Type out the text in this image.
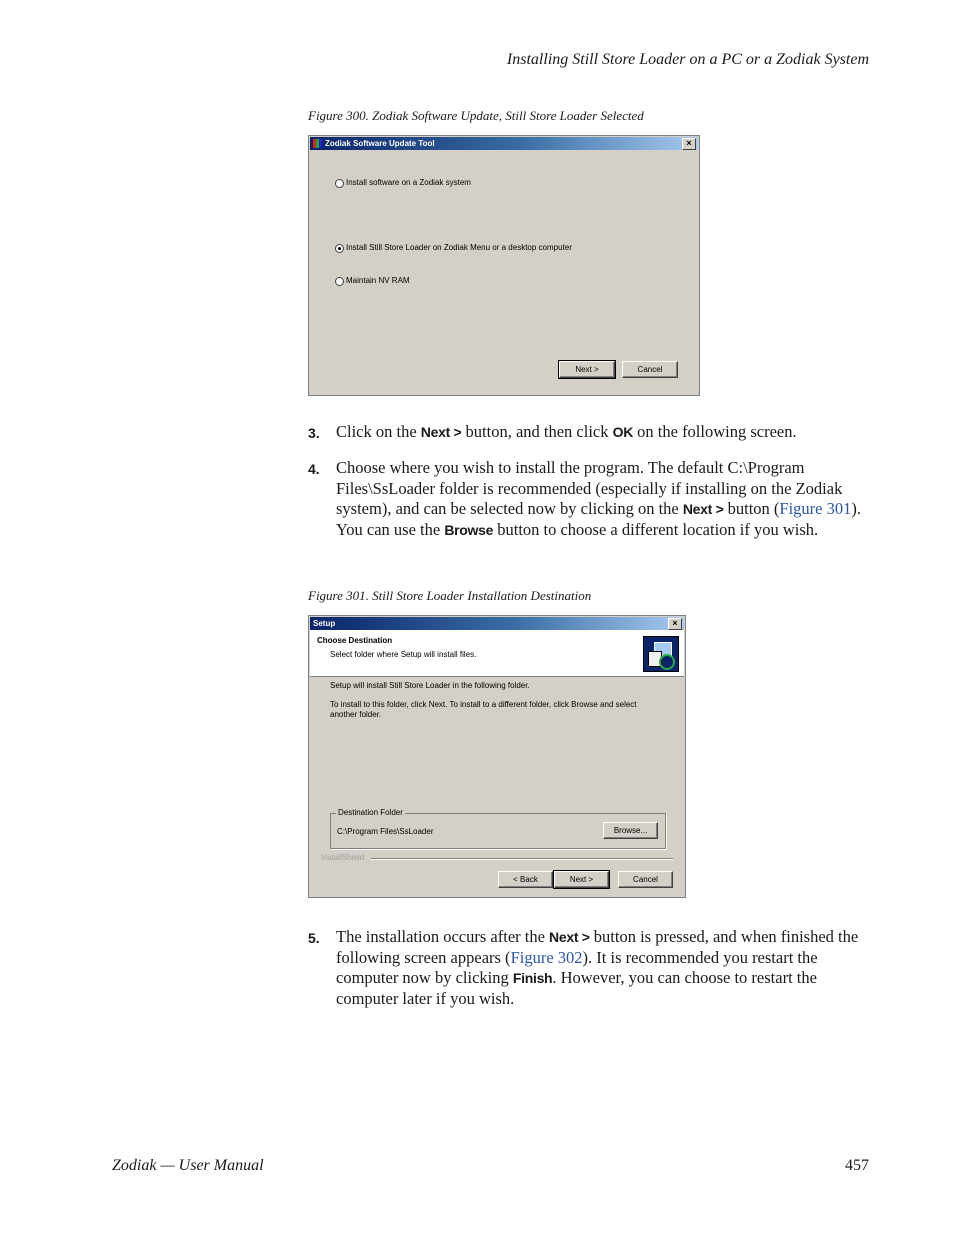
Installing Still Store Loader on a PC or a Zodiak System
Figure 300. Zodiak Software Update, Still Store Loader Selected
Zodiak Software Update Tool	×
Install software on a Zodiak system
Install Still Store Loader on Zodiak Menu or a desktop computer
Maintain NV RAM
Next >	Cancel
3. Click on the Next > button, and then click OK on the following screen.
4. Choose where you wish to install the program. The default C:\Program Files\SsLoader folder is recommended (especially if installing on the Zodiak system), and can be selected now by clicking on the Next > button (Figure 301). You can use the Browse button to choose a different location if you wish.
Figure 301. Still Store Loader Installation Destination
Setup	×
Choose Destination
Select folder where Setup will install files.
Setup will install Still Store Loader in the following folder.
To install to this folder, click Next. To install to a different folder, click Browse and select another folder.
Destination Folder
C:\Program Files\SsLoader	Browse...
InstallShield
< Back	Next >	Cancel
5. The installation occurs after the Next > button is pressed, and when finished the following screen appears (Figure 302). It is recommended you restart the computer now by clicking Finish. However, you can choose to restart the computer later if you wish.
Zodiak — User Manual	457
